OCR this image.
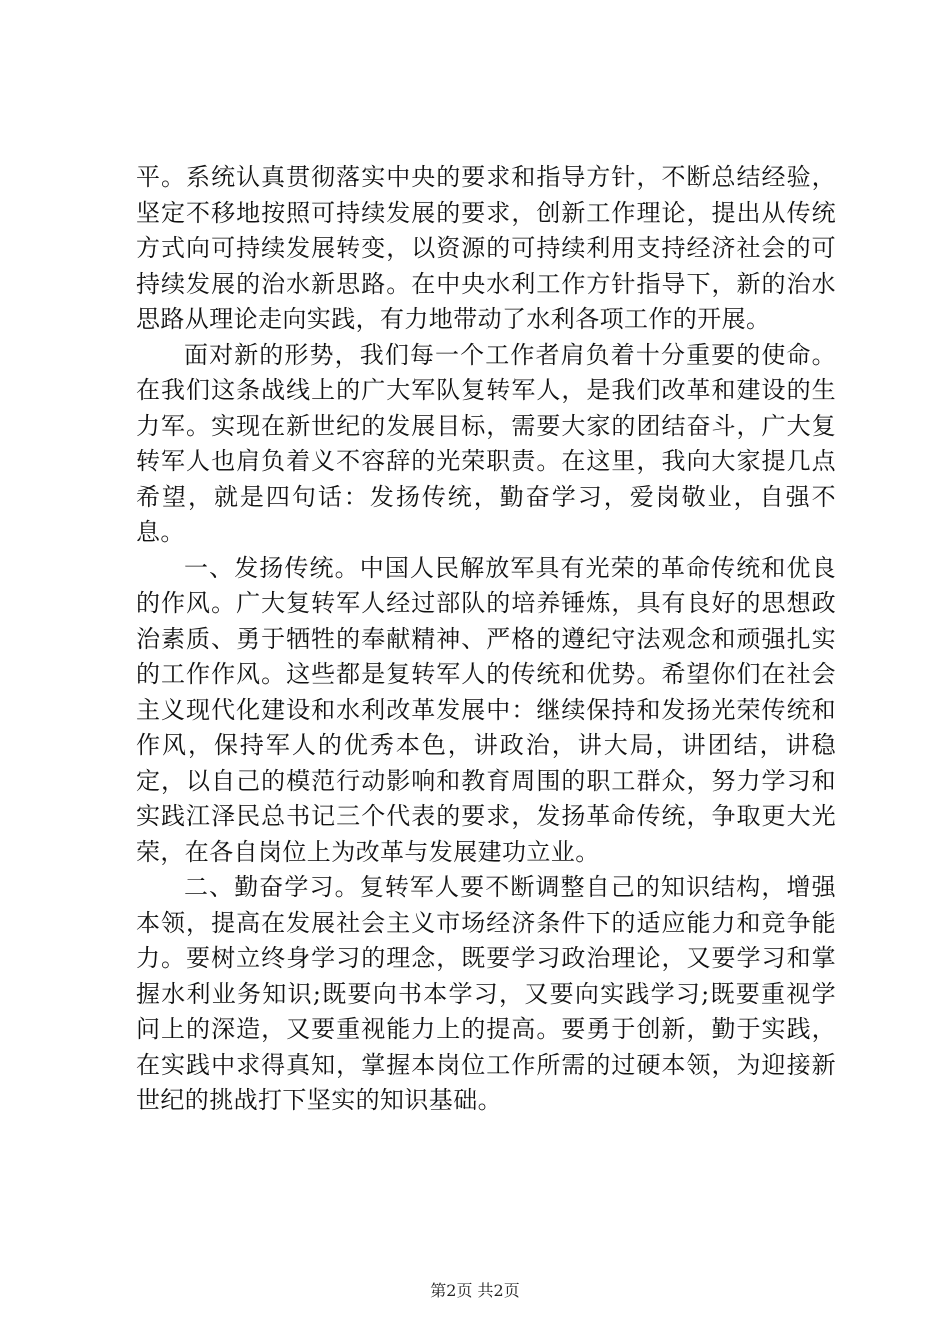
平。系统认真贯彻落实中央的要求和指导方针，不断总结经验，坚定不移地按照可持续发展的要求，创新工作理论，提出从传统方式向可持续发展转变，以资源的可持续利用支持经济社会的可持续发展的治水新思路。在中央水利工作方针指导下，新的治水思路从理论走向实践，有力地带动了水利各项工作的开展。

面对新的形势，我们每一个工作者肩负着十分重要的使命。在我们这条战线上的广大军队复转军人，是我们改革和建设的生力军。实现在新世纪的发展目标，需要大家的团结奋斗，广大复转军人也肩负着义不容辞的光荣职责。在这里，我向大家提几点希望，就是四句话：发扬传统，勤奋学习，爱岗敬业，自强不息。

一、发扬传统。中国人民解放军具有光荣的革命传统和优良的作风。广大复转军人经过部队的培养锤炼，具有良好的思想政治素质、勇于牺牲的奉献精神、严格的遵纪守法观念和顽强扎实的工作作风。这些都是复转军人的传统和优势。希望你们在社会主义现代化建设和水利改革发展中：继续保持和发扬光荣传统和作风，保持军人的优秀本色，讲政治，讲大局，讲团结，讲稳定，以自己的模范行动影响和教育周围的职工群众，努力学习和实践江泽民总书记三个代表的要求，发扬革命传统，争取更大光荣，在各自岗位上为改革与发展建功立业。

二、勤奋学习。复转军人要不断调整自己的知识结构，增强本领，提高在发展社会主义市场经济条件下的适应能力和竞争能力。要树立终身学习的理念，既要学习政治理论，又要学习和掌握水利业务知识;既要向书本学习，又要向实践学习;既要重视学问上的深造，又要重视能力上的提高。要勇于创新，勤于实践，在实践中求得真知，掌握本岗位工作所需的过硬本领，为迎接新世纪的挑战打下坚实的知识基础。

第2页 共2页
